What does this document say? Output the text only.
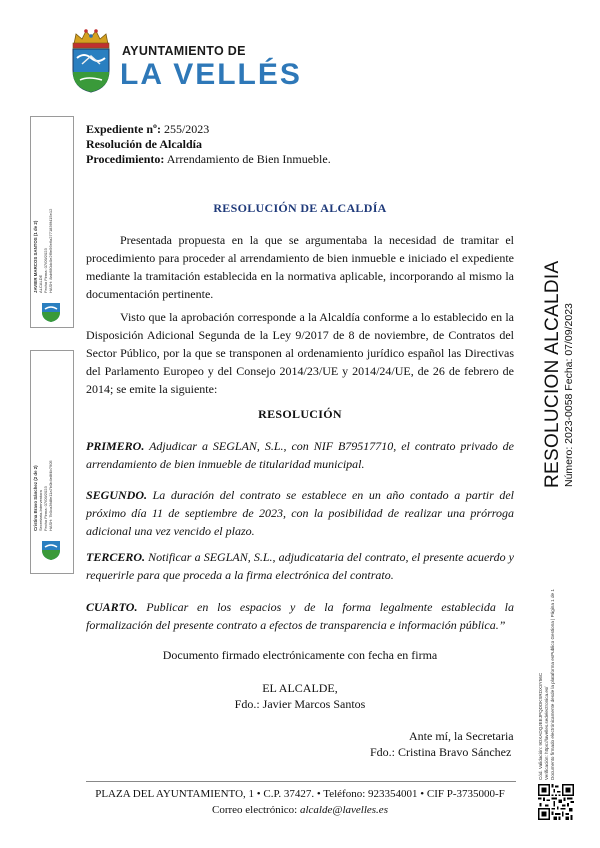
AYUNTAMIENTO DE
LA VELLÉS
JAVIER MARCOS SANTOS (1 de 2)
ALCALDE
Fecha Firma: 07/09/2023
HASH: 8ab680dc0e2f9e56e6a2771836f415e12
Cristina Bravo Sánchez (2 de 2)
Secretaria-Interventora
Fecha Firma: 07/09/2023
HASH: 7b0ca3fd8e11a7b0b4e8f4b7905
Expediente nº: 255/2023
Resolución de Alcaldía
Procedimiento: Arrendamiento de Bien Inmueble.
RESOLUCIÓN DE ALCALDÍA

Presentada propuesta en la que se argumentaba la necesidad de tramitar el procedimiento para proceder al arrendamiento de bien inmueble e iniciado el expediente mediante la tramitación establecida en la normativa aplicable, incorporando al mismo la documentación pertinente.

Visto que la aprobación corresponde a la Alcaldía conforme a lo establecido en la Disposición Adicional Segunda de la Ley 9/2017 de 8 de noviembre, de Contratos del Sector Público, por la que se transponen al ordenamiento jurídico español las Directivas del Parlamento Europeo y del Consejo 2014/23/UE y 2014/24/UE, de 26 de febrero de 2014; se emite la siguiente:

RESOLUCIÓN
PRIMERO. Adjudicar a SEGLAN, S.L., con NIF B79517710, el contrato privado de arrendamiento de bien inmueble de titularidad municipal.
SEGUNDO. La duración del contrato se establece en un año contado a partir del próximo día 11 de septiembre de 2023, con la posibilidad de realizar una prórroga adicional una vez vencido el plazo.
TERCERO. Notificar a SEGLAN, S.L., adjudicataria del contrato, el presente acuerdo y requerirle para que proceda a la firma electrónica del contrato.
CUARTO. Publicar en los espacios y de la forma legalmente establecida la formalización del presente contrato a efectos de transparencia e información pública.”
Documento firmado electrónicamente con fecha en firma
EL ALCALDE,
Fdo.: Javier Marcos Santos
Ante mí, la Secretaria
Fdo.: Cristina Bravo Sánchez
PLAZA DEL AYUNTAMIENTO, 1 • C.P. 37427. • Teléfono: 923354001 • CIF P-3735000-F
Correo electrónico: alcalde@lavelles.es
RESOLUCION ALCALDIA Número: 2023-0058 Fecha: 07/09/2023
Cód. Validación: 9DXADQJEEJPQDDKSRDX3Y56C
Verificación: https://lavelles.sedelectronica.es/
Documento firmado electrónicamente desde la plataforma esPublico Gestiona | Página 1 de 1
